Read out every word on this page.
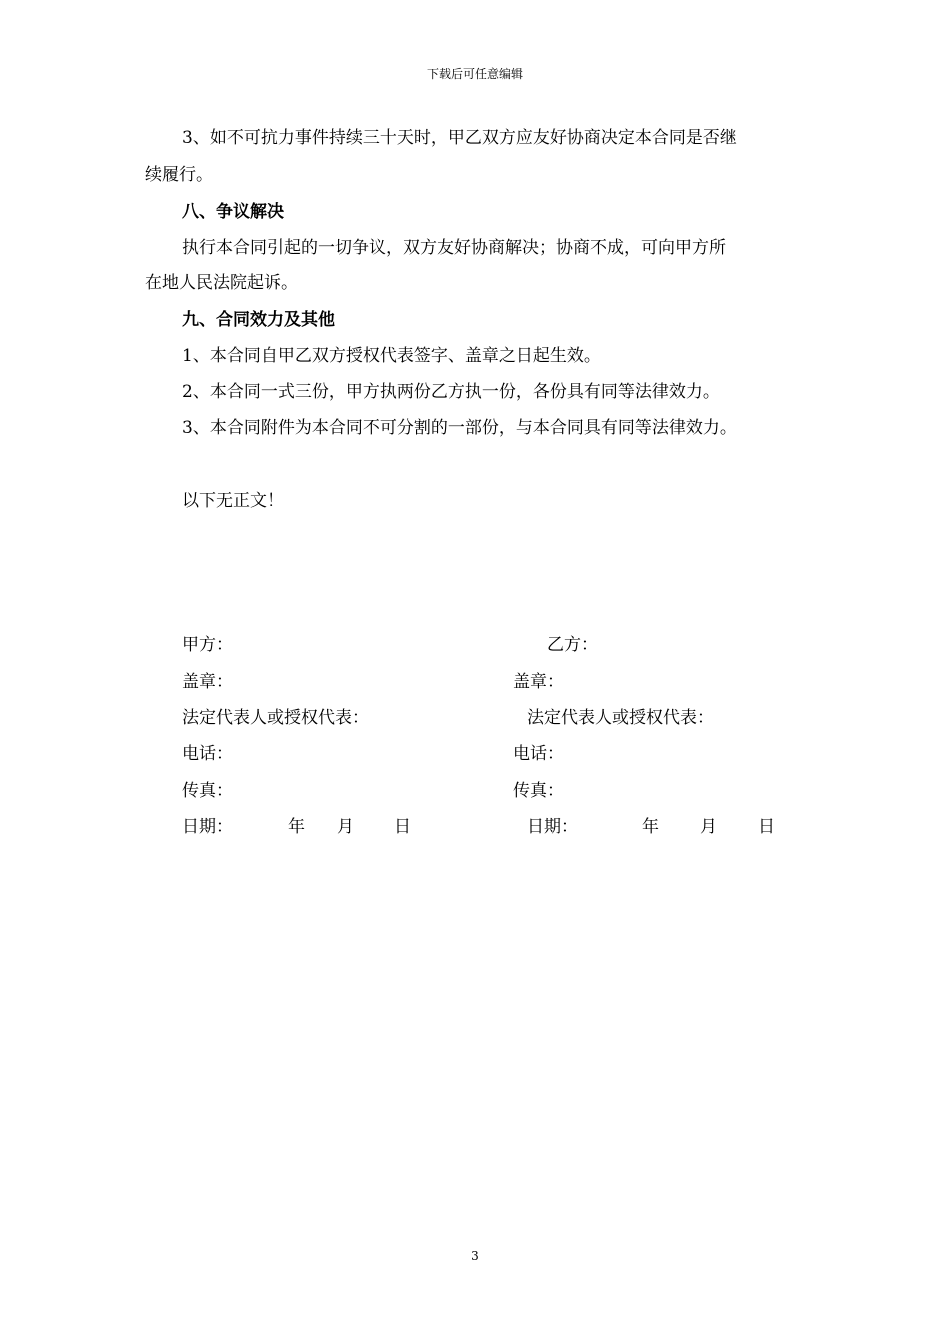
下载后可任意编辑
3、如不可抗力事件持续三十天时，甲乙双方应友好协商决定本合同是否继
续履行。
八、争议解决
执行本合同引起的一切争议，双方友好协商解决；协商不成，可向甲方所
在地人民法院起诉。
九、合同效力及其他
1、本合同自甲乙双方授权代表签字、盖章之日起生效。
2、本合同一式三份，甲方执两份乙方执一份，各份具有同等法律效力。
3、本合同附件为本合同不可分割的一部份，与本合同具有同等法律效力。
以下无正文！
甲方：
盖章：
法定代表人或授权代表：
电话：
传真：
日期：	年 月 日
乙方：
盖章：
法定代表人或授权代表：
电话：
传真：
日期：	年 月 日
3
